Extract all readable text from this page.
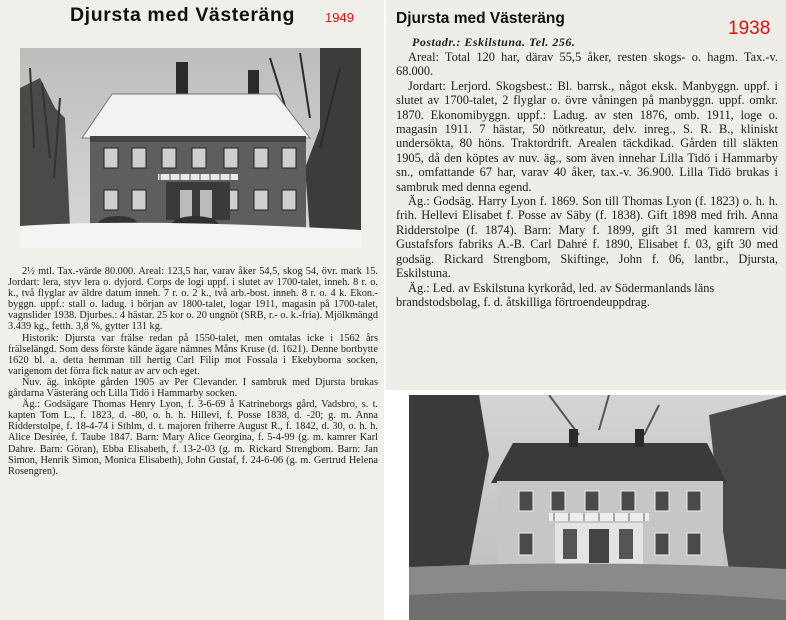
Djursta med Västeräng 1949

2½ mtl. Tax.-värde 80.000. Areal: 123,5 har, varav åker 54,5, skog 54, övr. mark 15. Jordart: lera, styv lera o. dyjord. Corps de logi uppf. i slutet av 1700-talet, inneh. 8 r. o. k., två flyglar av äldre datum inneh. 7 r. o. 2 k., två arb.-bost. inneh. 8 r. o. 4 k. Ekon.-byggn. uppf.: stall o. ladug. i början av 1800-talet, logar 1911, magasin på 1700-talet, vagnslider 1938. Djurbes.: 4 hästar. 25 kor o. 20 ungnöt (SRB, r.- o. k.-fria). Mjölkmängd 3.439 kg., fetth. 3,8 %, gytter 131 kg.

Historik: Djursta var frälse redan på 1550-talet, men omtalas icke i 1562 års frälselängd. Som dess förste kände ägare nämnes Måns Kruse (d. 1621). Denne bortbytte 1620 bl. a. detta hemman till hertig Carl Filip mot Fossala i Ekebyborna socken, varigenom det förra fick natur av arv och eget.

Nuv. äg. inköpte gården 1905 av Per Clevander. I sambruk med Djursta brukas gårdarna Västeräng och Lilla Tidö i Hammarby socken.

Äg.: Godsägare Thomas Henry Lyon, f. 3-6-69 å Katrineborgs gård, Vadsbro, s. t. kapten Tom L., f. 1823, d. -80, o. h. h. Hillevi, f. Posse 1838, d. -20; g. m. Anna Ridderstolpe, f. 18-4-74 i Sthlm, d. t. majoren friherre August R., f. 1842, d. 30, o. h. h. Alice Desirée, f. Taube 1847. Barn: Mary Alice Georgina, f. 5-4-99 (g. m. kamrer Karl Dahre. Barn: Göran), Ebba Elisabeth, f. 13-2-03 (g. m. Rickard Strengbom. Barn: Jan Simon, Henrik Simon, Monica Elisabeth), John Gustaf, f. 24-6-06 (g. m. Gertrud Helena Rosengren).

Djursta med Västeräng	1938
Postadr.: Eskilstuna. Tel. 256.

Areal: Total 120 har, därav 55,5 åker, resten skogs- o. hagm. Tax.-v. 68.000.

Jordart: Lerjord. Skogsbest.: Bl. barrsk., något eksk. Manbyggn. uppf. i slutet av 1700-talet, 2 flyglar o. övre våningen på manbyggn. uppf. omkr. 1870. Ekonomibyggn. uppf.: Ladug. av sten 1876, omb. 1911, loge o. magasin 1911. 7 hästar, 50 nötkreatur, delv. inreg., S. R. B., kliniskt undersökta, 80 höns. Traktordrift. Arealen täckdikad. Gården till släkten 1905, då den köptes av nuv. äg., som även innehar Lilla Tidö i Hammarby sn., omfattande 67 har, varav 40 åker, tax.-v. 36.900. Lilla Tidö brukas i sambruk med denna egend.

Äg.: Godsäg. Harry Lyon f. 1869. Son till Thomas Lyon (f. 1823) o. h. h. frih. Hellevi Elisabet f. Posse av Säby (f. 1838). Gift 1898 med frih. Anna Ridderstolpe (f. 1874). Barn: Mary f. 1899, gift 31 med kamrern vid Gustafsfors fabriks A.-B. Carl Dahré f. 1890, Elisabet f. 03, gift 30 med godsäg. Rickard Strengbom, Skiftinge, John f. 06, lantbr., Djursta, Eskilstuna.

Äg.: Led. av Eskilstuna kyrkoråd, led. av Södermanlands läns brandstodsbolag, f. d. åtskilliga förtroendeuppdrag.
